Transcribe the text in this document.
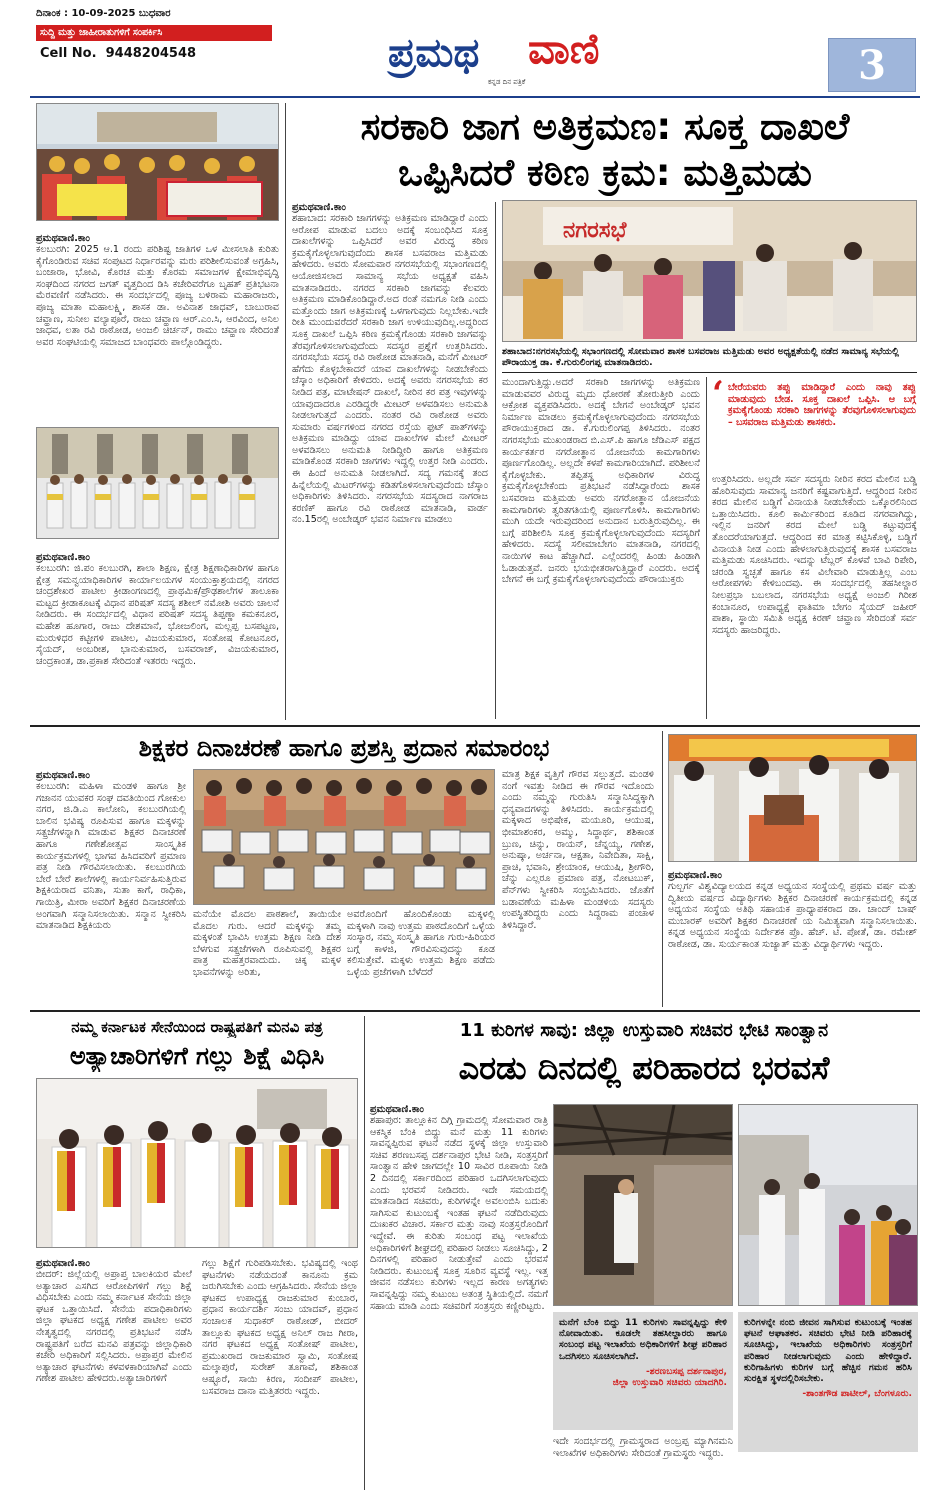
ದಿನಾಂಕ : 10-09-2025 ಬುಧವಾರ
ಸುದ್ದಿ ಮತ್ತು ಜಾಹೀರಾತುಗಳಿಗೆ ಸಂಪರ್ಕಿಸಿ
Cell No.  9448204548	ಪ್ರಮಥ ವಾಣಿ
ಕನ್ನಡ ದಿನ ಪತ್ರಿಕೆ	3
ಪ್ರಮಥವಾಣಿ.ಕಾಂ
ಕಲಬುರಗಿ: 2025 ಆ.1 ರಂದು ಪರಿಶಿಷ್ಟ ಜಾತಿಗಳ ಒಳ ಮೀಸಲಾತಿ ಕುರಿತು ಕೈಗೊಂಡಿರುವ ಸಚಿವ ಸಂಪುಟದ ನಿರ್ಧಾರವನ್ನು ಮರು ಪರಿಶೀಲಿಸುವಂತೆ ಅಗ್ರಹಿಸಿ, ಬಂಜಾರಾ, ಭೋವಿ, ಕೊರಚ ಮತ್ತು ಕೊರಮ ಸಮಾಜಗಳ ಕ್ಷೇಮಾಭಿವೃದ್ಧಿ ಸಂಘದಿಂದ ನಗರದ ಜಗತ್ ವೃತ್ತದಿಂದ ಡಿಸಿ ಕಚೇರಿವರೆಗೂ ಬೃಹತ್ ಪ್ರತಿಭಟನಾ ಮೆರವಣಿಗೆ ನಡೆಸಿದರು. ಈ ಸಂದರ್ಭದಲ್ಲಿ ಪೂಜ್ಯ ಬಳಿರಾಮ ಮಹಾರಾಜರು, ಪೂಜ್ಯ ಮಾತಾ ಮಹಾಲಕ್ಷ್ಮಿ, ಶಾಸಕ ಡಾ. ಅವಿನಾಶ ಜಾಧವ್, ಬಾಬುರಾವ ಚವ್ಹಾಣ, ಸುನೀಲ ವಲ್ಯಾಪೂರೆ, ರಾಜು ಚವ್ಹಾಣ ಆರ್.ಎಂ.ಸಿ, ಆರವಿಂದ, ಅನಿಲ ಜಾಧವ, ಲತಾ ರವಿ ರಾಠೋಡ, ಅಂಜಲಿ ಚಿರ್ಚನ್, ರಾಮು ಚವ್ಹಾಣ ಸೇರಿದಂತೆ ಅವರ ಸಂಘಟಿಯಲ್ಲಿ ಸಮಾಜದ ಬಾಂಧವರು ಪಾಲ್ಗೊಂಡಿದ್ದರು.
ಪ್ರಮಥವಾಣಿ.ಕಾಂ
ಕಲಬುರಗಿ: ಜಿ.ಪಂ ಕಲಬುರಗಿ, ಶಾಲಾ ಶಿಕ್ಷಣ, ಕ್ಷೇತ್ರ ಶಿಕ್ಷಣಾಧಿಕಾರಿಗಳ ಹಾಗೂ ಕ್ಷೇತ್ರ ಸಮನ್ವಯಾಧಿಕಾರಿಗಳ ಕಾರ್ಯಾಲಯಗಳ ಸಂಯುಕ್ತಾಶ್ರಯದಲ್ಲಿ ನಗರದ ಚಂದ್ರಶೇಖರ ಪಾಟೀಲ ಕ್ರೀಡಾಂಗಣದಲ್ಲಿ ಪ್ರಾಥಮಿಕ/ಪ್ರೌಢಶಾಲೆಗಳ ತಾಲೂಕಾ ಮಟ್ಟದ ಕ್ರೀಡಾಕೂಟಕ್ಕೆ ವಿಧಾನ ಪರಿಷತ್ ಸದಸ್ಯ ಶಶೀಲ್ ನಮೋಶಿ ಅವರು ಚಾಲನೆ ನೀಡಿದರು. ಈ ಸಂದರ್ಭದಲ್ಲಿ ವಿಧಾನ ಪರಿಷತ್ ಸದಸ್ಯ ತಿಪ್ಪಣ್ಣಾ ಕಮಕನೂರ, ಮಹೇಶ ಹೂಗಾರ, ರಾಜು ದೇಶಮಾನೆ, ಭೋಜಲಿಂಗ, ಮಲ್ಲಪ್ಪ ಬಸಪಟ್ಟಣ, ಮುರುಳಿಧರ ಕಟ್ಟೀಗಳಿ ಪಾಟೀಲ, ವಿಜಯಕುಮಾರ, ಸಂತೋಷ ಕೋಟನೂರ, ಸೈಯದ್, ಅಂಬರೀಶ, ಭಾನುಕುಮಾರ, ಬಸವರಾಜ್, ವಿಜಯಕುಮಾರ, ಚಂದ್ರಕಾಂತ, ಡಾ.ಪ್ರಕಾಶ ಸೇರಿದಂತೆ ಇತರರು ಇದ್ದರು.
ಸರಕಾರಿ ಜಾಗ ಅತಿಕ್ರಮಣ: ಸೂಕ್ತ ದಾಖಲೆ
ಒಪ್ಪಿಸಿದರೆ ಕಠಿಣ ಕ್ರಮ: ಮತ್ತಿಮಡು
ಪ್ರಮಥವಾಣಿ.ಕಾಂ
ಶಹಾಬಾದ: ಸರಕಾರಿ ಜಾಗಗಳನ್ನು ಅತಿಕ್ರಮಣ ಮಾಡಿದ್ದಾರೆ ಎಂದು ಆರೋಪ ಮಾಡುವ ಬದಲು ಅದಕ್ಕೆ ಸಂಬಂಧಿಸಿದ ಸೂಕ್ತ ದಾಖಲೆಗಳನ್ನು ಒಪ್ಪಿಸಿದರೆ ಅವರ ವಿರುದ್ಧ ಕಠಿಣ ಕ್ರಮಕೈಗೊಳ್ಳಲಾಗುವುದೆಂದು ಶಾಸಕ ಬಸವರಾಜ ಮತ್ತಿಮಡು ಹೇಳಿದರು. ಅವರು ಸೋಮವಾರ ನಗರಸಭೆಯಲ್ಲಿ ಸಭಾಂಗಣದಲ್ಲಿ ಆಯೋಜಿಸಲಾದ ಸಾಮಾನ್ಯ ಸಭೆಯ ಅಧ್ಯಕ್ಷತೆ ವಹಿಸಿ ಮಾತನಾಡಿದರು. ನಗರದ ಸರಕಾರಿ ಜಾಗವನ್ನು ಕೆಲವರು ಅತಿಕ್ರಮಣ ಮಾಡಿಕೊಂಡಿದ್ದಾರೆ.ಅದ ರಂತೆ ನಮಗೂ ನೀಡಿ ಎಂದು ಮತ್ತೊಂದು ಜಾಗ ಅತಿಕ್ರಮಣಕ್ಕೆ ಒಳಗಾಗುವುದು ನಿಲ್ಲಬೇಕು.ಇದೇ ರೀತಿ ಮುಂದುವರೆದರೆ ಸರಕಾರಿ ಜಾಗ ಉಳಿಯುವುದಿಲ್ಲ.ಅದ್ದರಿಂದ ಸೂಕ್ತ ದಾಖಲೆ ಒಪ್ಪಿಸಿ ಕಠಿಣ ಕ್ರಮಕೈಗೊಂಡು ಸರಕಾರಿ ಜಾಗವನ್ನು ತೆರವುಗೊಳಿಸಲಾಗುವುದೆಂದು ಸದಸ್ಯರ ಪ್ರಶ್ನೆಗೆ ಉತ್ತರಿಸಿದರು. ನಗರಸಭೆಯ ಸದಸ್ಯ ರವಿ ರಾಠೋಡ ಮಾತನಾಡಿ, ಮನೆಗೆ ಮೀಟರ್ ಹೆಗೆದು ಕೊಳ್ಳಬೇಕಾದರೆ ಯಾವ ದಾಖಲೆಗಳನ್ನು ನೀಡಬೇಕೆಂದು ಚೆಸ್ಕಾಂ ಅಧಿಕಾರಿಗೆ ಕೇಳಿದರು. ಅದಕ್ಕೆ ಅವರು ನಗರಸಭೆಯ ಕರ ನೀಡಿದ ಪತ್ರ, ಮಾಟೇಷನ್ ದಾಖಲೆ, ನೀರಿನ ಕರ ಪತ್ರ ಇವುಗಳನ್ನು ಯಾವುದಾದರೂ ಎರಡಿದ್ದರೇ ಮೀಟರ್ ಅಳವಡಿಸಲು ಅನುಮತಿ ನೀಡಲಾಗುತ್ತದೆ ಎಂದರು. ನಂತರ ರವಿ ರಾಠೋಡ ಅವರು ಸುಮಾರು ವರ್ಷಗಳಿಂದ ನಗರದ ರಸ್ತೆಯ ಫುಟ್ ಪಾತ್‌ಗಳನ್ನು ಅತಿಕ್ರಮಣ ಮಾಡಿದ್ದು ಯಾವ ದಾಖಲೆಗಳ ಮೇಲೆ ಮೀಟರ್ ಅಳವಡಿಸಲು ಅನುಮತಿ ನೀಡಿದ್ದೀರಿ ಹಾಗೂ ಅತಿಕ್ರಮಣ ಮಾಡಿಕೊಂಡ ಸರಕಾರಿ ಜಾಗಗಳು ಇದ್ದಲ್ಲಿ ಉತ್ತರ ನೀಡಿ ಎಂದರು. ಈ ಹಿಂದೆ ಅನುಮತಿ ನೀಡಲಾಗಿದೆ. ಸದ್ಯ ಗಮನಕ್ಕೆ ತಂದ ಹಿನ್ನೆಲೆಯಲ್ಲಿ ಮಿಟರ್‌ಗಳನ್ನು ಕಡಿತಗೊಳಿಸಲಾಗುವುದೆಂದು ಚೆಸ್ಕಾಂ ಅಧಿಕಾರಿಗಳು ತಿಳಿಸಿದರು. ನಗರಸಭೆಯ ಸದಸ್ಯರಾದ ನಾಗರಾಜ ಕರಣಿಕ್ ಹಾಗೂ ರವಿ ರಾಠೋಡ ಮಾತನಾಡಿ, ವಾರ್ಡ ನಂ.15ರಲ್ಲಿ ಅಂಬೇಡ್ಕರ್ ಭವನ ನಿರ್ಮಾಣ ಮಾಡಲು
ನಗರಸಭೆ
ಶಹಾಬಾದ:ನಗರಸಭೆಯಲ್ಲಿ ಸಭಾಂಗಣದಲ್ಲಿ ಸೋಮವಾರ ಶಾಸಕ ಬಸವರಾಜ ಮತ್ತಿಮಡು ಅವರ ಅಧ್ಯಕ್ಷತೆಯಲ್ಲಿ ನಡೆದ ಸಾಮಾನ್ಯ ಸಭೆಯಲ್ಲಿ ಪೌರಾಯುಕ್ತ ಡಾ. ಕೆ.ಗುರುಲಿಂಗಪ್ಪ ಮಾತನಾಡಿದರು.
ಮುಂದಾಗುತ್ತಿದ್ದು.ಅದರೆ ಸರಕಾರಿ ಜಾಗಗಳನ್ನು ಅತಿಕ್ರಮಣ ಮಾಡುವವರ ವಿರುದ್ಧ ಮೃದು ಧೋರಣೆ ತೋರುತ್ತೀರಿ ಎಂದು ಆಕ್ರೋಶ ವ್ಯಕ್ತಪಡಿಸಿದರು. ಅದಕ್ಕೆ ಬೇಗನೆ ಅಂಬೇಡ್ಕರ್ ಭವನ ನಿರ್ಮಾಣ ಮಾಡಲು ಕ್ರಮಕೈಗೊಳ್ಳಲಾಗುವುದೆಂದು ನಗರಸಭೆಯ ಪೌರಾಯುಕ್ತರಾದ ಡಾ. ಕೆ.ಗುರುಲಿಂಗಪ್ಪ ತಿಳಿಸಿದರು. ನಂತರ ನಗರಸಭೆಯ ಮುಖಂಡರಾದ ಬಿ.ಎಸ್.ಪಿ ಹಾಗೂ ಜೆಡಿಎಸ್ ಪಕ್ಷದ ಕಾರ್ಯಕರ್ತರ ನಗರೋತ್ಥಾನ ಯೋಜನೆಯ ಕಾಮಗಾರಿಗಳು ಪೂರ್ಣಗೊಂಡಿಲ್ಲ. ಅಲ್ಲದೇ ಕಳಪೆ ಕಾಮಗಾರಿಯಾಗಿದೆ. ಪರಿಶೀಲನೆ ಕೈಗೊಳ್ಳಬೇಕು. ತಪ್ಪಿತಸ್ಥ ಅಧಿಕಾರಿಗಳ ವಿರುದ್ಧ ಕ್ರಮಕೈಗೊಳ್ಳಬೇಕೆಂದು ಪ್ರತಿಭಟನೆ ನಡೆಸಿದ್ದಾರೆಂದು ಶಾಸಕ ಬಸವರಾಜ ಮತ್ತಿಮಡು ಅವರು ನಗರೋತ್ಥಾನ ಯೋಜನೆಯ ಕಾಮಗಾರಿಗಳು ತ್ವರಿತಗತಿಯಲ್ಲಿ ಪೂರ್ಣಗೊಳಿಸಿ. ಕಾಮಗಾರಿಗಳು ಮುಗಿ ಯದೇ ಇರುವುದರಿಂದ ಅನುದಾನ ಬರುತ್ತಿರುವುದಿಲ್ಲ. ಈ ಬಗ್ಗೆ ಪರಿಶೀಲಿಸಿ ಸೂಕ್ತ ಕ್ರಮಕೈಗೊಳ್ಳಲಾಗುವುದೆಂದು ಸದಸ್ಯರಿಗೆ ಹೇಳಿದರು. ಸದಸ್ಯೆ ಸಲೀಮಾಬೇಗಂ ಮಾತನಾಡಿ, ನಗರದಲ್ಲಿ ನಾಯಿಗಳ ಕಾಟ ಹೆಚ್ಚಾಗಿದೆ. ಎಲ್ಲೆಂದರಲ್ಲಿ ಹಿಂಡು ಹಿಂಡಾಗಿ ಓಡಾಡುತ್ತವೆ. ಜನರು ಭಯಭೀತರಾಗುತ್ತಿದ್ದಾರೆ ಎಂದರು. ಅದಕ್ಕೆ ಬೇಗನೆ ಈ ಬಗ್ಗೆ ಕ್ರಮಕೈಗೊಳ್ಳಲಾಗುವುದೆಂದು ಪೌರಾಯುಕ್ತರು
‘ ಬೇರೆಯವರು ತಪ್ಪು ಮಾಡಿದ್ದಾರೆ ಎಂದು ನಾವು ತಪ್ಪು ಮಾಡುವುದು ಬೇಡ. ಸೂಕ್ತ ದಾಖಲೆ ಒಪ್ಪಿಸಿ. ಆ ಬಗ್ಗೆ ಕ್ರಮಕೈಗೊಂಡು ಸರಕಾರಿ ಜಾಗಗಳನ್ನು ತೆರವುಗೊಳಿಸಲಾಗುವುದು – ಬಸವರಾಜ ಮತ್ತಿಮಡು ಶಾಸಕರು.
ಉತ್ತರಿಸಿದರು. ಅಲ್ಲದೇ ಸರ್ವ ಸದಸ್ಯರು ನೀರಿನ ಕರದ ಮೇಲಿನ ಬಡ್ಡಿ ಹೊರಿಸುವುದು ಸಾಮಾನ್ಯ ಜನರಿಗೆ ಕಷ್ಟವಾಗುತ್ತಿದೆ. ಆದ್ದರಿಂದ ನೀರಿನ ಕರದ ಮೇಲಿನ ಬಡ್ಡಿಗೆ ವಿನಾಯತಿ ನೀಡಬೇಕೆಂದು ಒಕ್ಕೊರಲಿನಿಂದ ಒತ್ತಾಯಿಸಿದರು. ಕೂಲಿ ಕಾರ್ಮಿಕರಿಂದ ಕೂಡಿದ ನಗರವಾಗಿದ್ದು, ಇಲ್ಲಿನ ಜನರಿಗೆ ಕರದ ಮೇಲೆ ಬಡ್ಡಿ ಕಟ್ಟುವುದಕ್ಕೆ ತೊಂದರೆಯಾಗುತ್ತದೆ. ಆದ್ದರಿಂದ ಕರ ಮಾತ್ರ ಕಟ್ಟಿಸಿಕೊಳ್ಳಿ, ಬಡ್ಡಿಗೆ ವಿನಾಯತಿ ನೀಡ ಎಂದು ಹೇಳಲಾಗುತ್ತಿರುವುದಕ್ಕೆ ಶಾಸಕ ಬಸವರಾಜ ಮತ್ತಿಮಡು ಸೂಚಿಸಿದರು. ಇದನ್ನು ಟೆಬ್ಲರ್ ಕೊಳವೆ ಬಾವಿ ರಿಪೇರಿ, ಚರಂಡಿ ಸ್ವಚ್ಛತೆ ಹಾಗೂ ಕಸ ವಿಲೇವಾರಿ ಮಾಡುತ್ತಿಲ್ಲ ಎಂಬ ಆರೋಪಗಳು ಕೇಳಿಬಂದವು. ಈ ಸಂದರ್ಭದಲ್ಲಿ ತಹಸೀಲ್ದಾರ ನೀಲಪ್ರಭಾ ಬಬಲಾದ, ನಗರಸಭೆಯ ಅಧ್ಯಕ್ಷೆ ಅಂಜಲಿ ಗಿರೀಶ ಕಂಬಾನೂರ, ಉಪಾಧ್ಯಕ್ಷೆ ಫಾತಿಮಾ ಬೇಗಂ ಸೈಯದ್ ಜಹೀರ್ ಪಾಶಾ, ಸ್ಥಾಯಿ ಸಮಿತಿ ಅಧ್ಯಕ್ಷ ಕಿರಣ್ ಚವ್ಹಾಣ ಸೇರಿದಂತೆ ಸರ್ವ ಸದಸ್ಯರು ಹಾಜರಿದ್ದರು.
ಶಿಕ್ಷಕರ ದಿನಾಚರಣೆ ಹಾಗೂ ಪ್ರಶಸ್ತಿ ಪ್ರದಾನ ಸಮಾರಂಭ
ಪ್ರಮಥವಾಣಿ.ಕಾಂ
ಕಲಬುರಗಿ: ಮಹಿಳಾ ಮಂಡಳಿ ಹಾಗೂ ಶ್ರೀ ಗಜಾನನ ಯುವಕರ ಸಂಘ ದವತಿಯಿಂದ ಗೋಕುಲ ನಗರ, ಜಿ.ಡಿ.ಎ ಕಾಲೋನಿ, ಕಲಬುರಗಿಯಲ್ಲಿ ಬಾಲಿನ ಭವಿಷ್ಯ ರೂಪಿಸುವ ಹಾಗೂ ಮಕ್ಕಳನ್ನು ಸತ್ಪ್ರಜೆಗಳನ್ನಾಗಿ ಮಾಡುವ ಶಿಕ್ಷಕರ ದಿನಾಚರಣೆ ಹಾಗೂ ಗಣೇಶೋತ್ಸವ ಸಾಂಸ್ಕೃತಿಕ ಕಾರ್ಯಕ್ರಮಗಳಲ್ಲಿ ಭಾಗವ ಹಿಸಿದವರಿಗೆ ಪ್ರಮಾಣ ಪತ್ರ ನೀಡಿ ಗೌರವಿಸಲಾಯಿತು. ಕಲಬುರಗಿಯ ಬೇರೆ ಬೇರೆ ಶಾಲೆಗಳಲ್ಲಿ ಕಾರ್ಯನಿರ್ವಹಿಸುತ್ತಿರುವ ಶಿಕ್ಷಕಿಯರಾದ ವನಿತಾ, ಸುತಾ ಕಾಗೆ, ರಾಧಿಕಾ, ಗಾಯಿತ್ರಿ, ಮೀರಾ ಅವರಿಗೆ ಶಿಕ್ಷಕರ ದಿನಾಚರಣೆಯ ಅಂಗವಾಗಿ ಸನ್ಮಾನಿಸಲಾಯಿತು. ಸನ್ಮಾನ ಸ್ವೀಕರಿಸಿ ಮಾತನಾಡಿದ ಶಿಕ್ಷಕಿಯರು
ಮನೆಯೇ ಮೊದಲ ಪಾಠಶಾಲೆ, ತಾಯಿಯೇ ಮೊದಲ ಗುರು. ಆದರೆ ಮಕ್ಕಳನ್ನು ತಮ್ಮ ಮಕ್ಕಳಂತೆ ಭಾವಿಸಿ ಉತ್ತಮ ಶಿಕ್ಷಣ ನೀಡಿ ದೇಶ ಬೆಳಗುವ ಸತ್ಪ್ರಜೆಗಳಾಗಿ ರೂಪಿಸುವಲ್ಲಿ ಶಿಕ್ಷಕರ ಪಾತ್ರ ಮಹತ್ತರವಾದುದು. ಚಿಕ್ಕ ಮಕ್ಕಳ ಭಾವನೆಗಳನ್ನು ಅರಿತು,
ಅವರೊಂದಿಗೆ ಹೊಂದಿಕೊಂಡು ಮಕ್ಕಳಲ್ಲಿ ಮಕ್ಕಳಾಗಿ ನಾವು ಉತ್ತಮ ಪಾಠದೊಂದಿಗೆ ಒಳ್ಳೆಯ ಸಂಸ್ಕಾರ, ನಮ್ಮ ಸಂಸ್ಕೃತಿ ಹಾಗೂ ಗುರು-ಹಿರಿಯರ ಬಗ್ಗೆ ಕಾಳಜಿ, ಗೌರವಿಸುವುದನ್ನು ಕೂಡ ಕಲಿಸುತ್ತೇವೆ. ಮಕ್ಕಳು ಉತ್ತಮ ಶಿಕ್ಷಣ ಪಡೆದು ಒಳ್ಳೆಯ ಪ್ರಜೆಗಳಾಗಿ ಬೆಳೆದರೆ
ಮಾತ್ರ ಶಿಕ್ಷಕ ವೃತ್ತಿಗೆ ಗೌರವ ಸಲ್ಲುತ್ತದೆ. ಮಂಡಳಿ ನಂಗೆ ಇವತ್ತು ನೀಡಿದ ಈ ಗೌರವ ಇದೊಂದು ಎಂದು ನಮ್ಮನ್ನು ಗುರುತಿಸಿ ಸನ್ಮಾನಿಸಿದ್ದಕ್ಕಾಗಿ ಧನ್ಯವಾದಗಳನ್ನು ತಿಳಿಸಿದರು. ಕಾರ್ಯಕ್ರಮದಲ್ಲಿ ಮಕ್ಕಳಾದ ಅಭಿಷೇಕ, ಮಯೂರಿ, ಆಯುಷ, ಭೀಮಾಶಂಕರ, ಅಮ್ಮು, ಸಿದ್ಧಾರ್ಥ, ಶಶಿಕಾಂತ ಬ್ರುಣ, ಚಿನ್ನು, ರಾಯನ್, ಚೆನ್ನಯ್ಯ, ಗಣೇಶ, ಅನುಷ್ಕಾ, ಅರ್ಚನಾ, ಆಕ್ಷತಾ, ನಿವೇದಿತಾ, ಸಾಕ್ಷಿ, ಪ್ರಾಚಿ, ಭವಾನಿ, ಶ್ರೇಯಾಂಕ, ಆಯುಷಿ, ಶ್ರೀಗೌರಿ, ಚೆನ್ನು ಎಲ್ಲರೂ ಪ್ರಮಾಣ ಪತ್ರ, ನೋಟಬುಕ್, ಪೆನ್‌ಗಳು ಸ್ವೀಕರಿಸಿ ಸಂಭ್ರಮಿಸಿದರು. ಜೊತೆಗೆ ಬಡಾವಣೆಯ ಮಹಿಳಾ ಮಂಡಳಿಯ ಸದಸ್ಯರು ಉಪಸ್ಥಿತರಿದ್ದರು ಎಂದು ಸಿದ್ದರಾಮ ಪಂಚಾಳ ತಿಳಿಸಿದ್ದಾರೆ.
ಪ್ರಮಥವಾಣಿ.ಕಾಂ
ಗುಲ್ಬರ್ಗ ವಿಶ್ವವಿದ್ಯಾಲಯದ ಕನ್ನಡ ಅಧ್ಯಯನ ಸಂಸ್ಥೆಯಲ್ಲಿ ಪ್ರಥಮ ವರ್ಷ ಮತ್ತು ದ್ವಿತೀಯ ವರ್ಷದ ವಿದ್ಯಾರ್ಥಿಗಳು ಶಿಕ್ಷಕರ ದಿನಾಚರಣೆ ಕಾರ್ಯಕ್ರಮದಲ್ಲಿ ಕನ್ನಡ ಅಧ್ಯಯನ ಸಂಸ್ಥೆಯ ಅತಿಥಿ ಸಹಾಯಕ ಪ್ರಾಧ್ಯಾಪಕರಾದ ಡಾ. ಚಾಂದ್ ಬಾಷ್ ಮುಬಾರಕ್ ಅವರಿಗೆ ಶಿಕ್ಷಕರ ದಿನಾಚರಣೆ ಯ ನಿಮಿತ್ಯವಾಗಿ ಸನ್ಮಾನಿಸಲಾಯಿತು. ಕನ್ನಡ ಅಧ್ಯಯನ ಸಂಸ್ಥೆಯ ನಿರ್ದೇಶಕ ಪ್ರೊ. ಹೆಚ್. ಟಿ. ಪೋತೆ, ಡಾ. ರಮೇಶ್ ರಾಠೋಡ, ಡಾ. ಸುರ್ಯಕಾಂತ ಸುಜ್ಯಾತ್ ಮತ್ತು ವಿದ್ಯಾರ್ಥಿಗಳು ಇದ್ದರು.
ನಮ್ಮ ಕರ್ನಾಟಕ ಸೇನೆಯಿಂದ ರಾಷ್ಟ್ರಪತಿಗೆ ಮನವಿ ಪತ್ರ
ಅತ್ಯಾಚಾರಿಗಳಿಗೆ ಗಲ್ಲು ಶಿಕ್ಷೆ ವಿಧಿಸಿ
ಪ್ರಮಥವಾಣಿ.ಕಾಂ
ಬೀದರ್: ಜಿಲ್ಲೆಯಲ್ಲಿ ಅಪ್ರಾಪ್ತ ಬಾಲಕಿಯರ ಮೇಲೆ ಅತ್ಯಾಚಾರ ಎಸಗಿದ ಆರೋಪಿಗಳಿಗೆ ಗಲ್ಲು ಶಿಕ್ಷೆ ವಿಧಿಸಬೇಕು ಎಂದು ನಮ್ಮ ಕರ್ನಾಟಕ ಸೇನೆಯ ಜಿಲ್ಲಾ ಘಟಕ ಒತ್ತಾಯಿಸಿದೆ. ಸೇನೆಯ ಪದಾಧಿಕಾರಿಗಳು ಜಿಲ್ಲಾ ಘಟಕದ ಅಧ್ಯಕ್ಷ ಗಣೇಶ ಪಾಟೀಲ ಅವರ ನೇತೃತ್ವದಲ್ಲಿ ನಗರದಲ್ಲಿ ಪ್ರತಿಭಟನೆ ನಡೆಸಿ ರಾಷ್ಟ್ರಪತಿಗೆ ಬರೆದ ಮನವಿ ಪತ್ರವನ್ನು ಜಿಲ್ಲಾಧಿಕಾರಿ ಕಚೇರಿ ಅಧಿಕಾರಿಗೆ ಸಲ್ಲಿಸಿದರು. ಅಪ್ರಾಪ್ತರ ಮೇಲಿನ ಅತ್ಯಾಚಾರ ಘಟನೆಗಳು ಕಳವಳಕಾರಿಯಾಗಿವೆ ಎಂದು ಗಣೇಶ ಪಾಟೀಲ ಹೇಳಿದರು.ಅತ್ಯಾಚಾರಿಗಳಿಗೆ
ಗಲ್ಲು ಶಿಕ್ಷೆಗೆ ಗುರಿಪಡಿಸಬೇಕು. ಭವಿಷ್ಯದಲ್ಲಿ ಇಂಥ ಘಟನೆಗಳು ನಡೆಯದಂತೆ ಕಾನೂನು ಕ್ರಮ ಜರುಗಿಸಬೇಕು ಎಂದು ಆಗ್ರಹಿಸಿದರು. ಸೇನೆಯ ಜಿಲ್ಲಾ ಘಟಕದ ಉಪಾಧ್ಯಕ್ಷ ರಾಜಕುಮಾರ ಕುಂಬಾರ, ಪ್ರಧಾನ ಕಾರ್ಯದರ್ಶಿ ಸಂಜು ಯಾದವ್, ಪ್ರಧಾನ ಸಂಚಾಲಕ ಸುಧಾಕರ್ ರಾಠೋಡ್, ಬೀದರ್ ತಾಲ್ಲೂಕು ಘಟಕದ ಅಧ್ಯಕ್ಷ ಅನಿಲ್ ರಾಜ ಗೀರಾ, ನಗರ ಘಟಕದ ಅಧ್ಯಕ್ಷ ಸಂತೋಷ್ ಪಾಟೀಲ, ಪ್ರಮುಖರಾದ ರಾಜಕುಮಾರ ಸ್ವಾಮಿ, ಸಂತೋಷ ಮಲ್ಕಾಪುರೆ, ಸುರೇಶ್ ತೂಗಾವೆ, ಶಶಿಕಾಂತ ಆಷ್ಟೂರೆ, ಸಾಯಿ ಕಿರಣ, ಸಂದೀಪ್ ಪಾಟೀಲ, ಬಸವರಾಜ ದಾನಾ ಮತ್ತಿತರರು ಇದ್ದರು.
11 ಕುರಿಗಳ ಸಾವು: ಜಿಲ್ಲಾ ಉಸ್ತುವಾರಿ ಸಚಿವರ ಭೇಟಿ ಸಾಂತ್ವಾನ
ಎರಡು ದಿನದಲ್ಲಿ ಪರಿಹಾರದ ಭರವಸೆ
ಪ್ರಮಥವಾಣಿ.ಕಾಂ
ಶಹಾಪುರ: ತಾಲ್ಲೂಕಿನ ದಿಗ್ಗಿ ಗ್ರಾಮದಲ್ಲಿ ಸೋಮವಾರ ರಾತ್ರಿ ಆಕಸ್ಮಿಕ ಬೆಂಕಿ ಬಿದ್ದು ಮನೆ ಮತ್ತು 11 ಕುರಿಗಳು ಸಾವನ್ನಪ್ಪಿರುವ ಘಟನೆ ನಡೆದ ಸ್ಥಳಕ್ಕೆ ಜಿಲ್ಲಾ ಉಸ್ತುವಾರಿ ಸಚಿವ ಶರಣಬಸಪ್ಪ ದರ್ಶನಾಪುರ ಭೇಟಿ ನೀಡಿ, ಸಂತ್ರಸ್ತರಿಗೆ ಸಾಂತ್ವಾನ ಹೇಳಿ ಜಾಗದಲ್ಲೇ 10 ಸಾವಿರ ರೂಪಾಯಿ ನೀಡಿ 2 ದಿನದಲ್ಲಿ ಸರ್ಕಾರದಿಂದ ಪರಿಹಾರ ಒದಗಿಸಲಾಗುವುದು ಎಂದು ಭರವಸೆ ನೀಡಿದರು. ಇದೇ ಸಮಯದಲ್ಲಿ ಮಾತನಾಡಿದ ಸಚಿವರು, ಕುರಿಗಳನ್ನೇ ಅವಲಂಬಿಸಿ ಬದುಕು ಸಾಗಿಸುವ ಕುಟುಂಬಕ್ಕೆ ಇಂತಹ ಘಟನೆ ನಡೆದಿರುವುದು ದುಃಖಕರ ವಿಚಾರ. ಸರ್ಕಾರ ಮತ್ತು ನಾವು ಸಂತ್ರಸ್ತರೊಂದಿಗೆ ಇದ್ದೇವೆ. ಈ ಕುರಿತು ಸಂಬಂಧ ಪಟ್ಟ ಇಲಾಖೆಯ ಅಧಿಕಾರಿಗಳಿಗೆ ಶೀಘ್ರದಲ್ಲಿ ಪರಿಹಾರ ನೀಡಲು ಸೂಚಿಸಿದ್ದು, 2 ದಿನಗಳಲ್ಲಿ ಪರಿಹಾರ ನೀಡುತ್ತೇವೆ ಎಂದು ಭರವಸೆ ನೀಡಿದರು. ಕುಟುಂಬಕ್ಕೆ ಸೂಕ್ತ ಸೂರಿನ ವ್ಯವಸ್ಥೆ ಇಲ್ಲ. ಇತ್ತ ಜೀವನ ನಡೆಸಲು ಕುರಿಗಳು ಇಲ್ಲದ ಕಾರಣ ಅಗತ್ಯಗಳು ಸಾವನ್ನಪ್ಪಿದ್ದು ನಮ್ಮ ಕುಟುಂಬ ಅತಂತ್ರ ಸ್ಥಿತಿಯಲ್ಲಿದೆ. ನಮಗೆ ಸಹಾಯ ಮಾಡಿ ಎಂದು ಸಚಿವರಿಗೆ ಸಂತ್ರಸ್ತರು ಕಣ್ಣೀರಿಟ್ಟರು.
ಮನೆಗೆ ಬೆಂಕಿ ಬಿದ್ದು 11 ಕುರಿಗಳು ಸಾವನ್ನಪ್ಪಿದ್ದು ಕೇಳಿ ನೋವಾಯಿತು. ಕೂಡಲೇ ತಹಸೀಲ್ದಾರರು ಹಾಗೂ ಸಂಬಂಧ ಪಟ್ಟ ಇಲಾಖೆಯ ಅಧಿಕಾರಿಗಳಿಗೆ ಶೀಘ್ರ ಪರಿಹಾರ ಒದಗಿಸಲು ಸೂಚಿಸಲಾಗಿದೆ.
-ಶರಣಬಸಪ್ಪ ದರ್ಶನಾಪುರ,
ಜಿಲ್ಲಾ ಉಸ್ತುವಾರಿ ಸಚಿವರು ಯಾದಗಿರಿ.
ಕುರಿಗಳನ್ನೇ ನಂಬಿ ಜೀವನ ಸಾಗಿಸುವ ಕುಟುಂಬಕ್ಕೆ ಇಂತಹ ಘಟನೆ ಆಘಾತಕರ. ಸಚಿವರು ಭೇಟಿ ನೀಡಿ ಪರಿಹಾರಕ್ಕೆ ಸೂಚಿಸಿದ್ದು, ಇಲಾಖೆಯ ಅಧಿಕಾರಿಗಳು ಸಂತ್ರಸ್ತರಿಗೆ ಪರಿಹಾರ ನೀಡಲಾಗುವುದು ಎಂದು ಹೇಳಿದ್ದಾರೆ. ಕುರಿಗಾಹಿಗಳು ಕುರಿಗಳ ಬಗ್ಗೆ ಹೆಚ್ಚಿನ ಗಮನ ಹರಿಸಿ ಸುರಕ್ಷಿತ ಸ್ಥಳದಲ್ಲಿರಿಸಬೇಕು.
-ಶಾಂತಗೌಡ ಪಾಟೀಲ್, ಬೆಂಗಳೂರು.
ಇದೇ ಸಂದರ್ಭದಲ್ಲಿ ಗ್ರಾಮಸ್ಥರಾದ ಅಂಬ್ರಪ್ಪ ಮ್ಯಾಗಿನಮನಿ ಇಲಾಖೆಗಳ ಅಧಿಕಾರಿಗಳು ಸೇರಿದಂತೆ ಗ್ರಾಮಸ್ಥರು ಇದ್ದರು.
